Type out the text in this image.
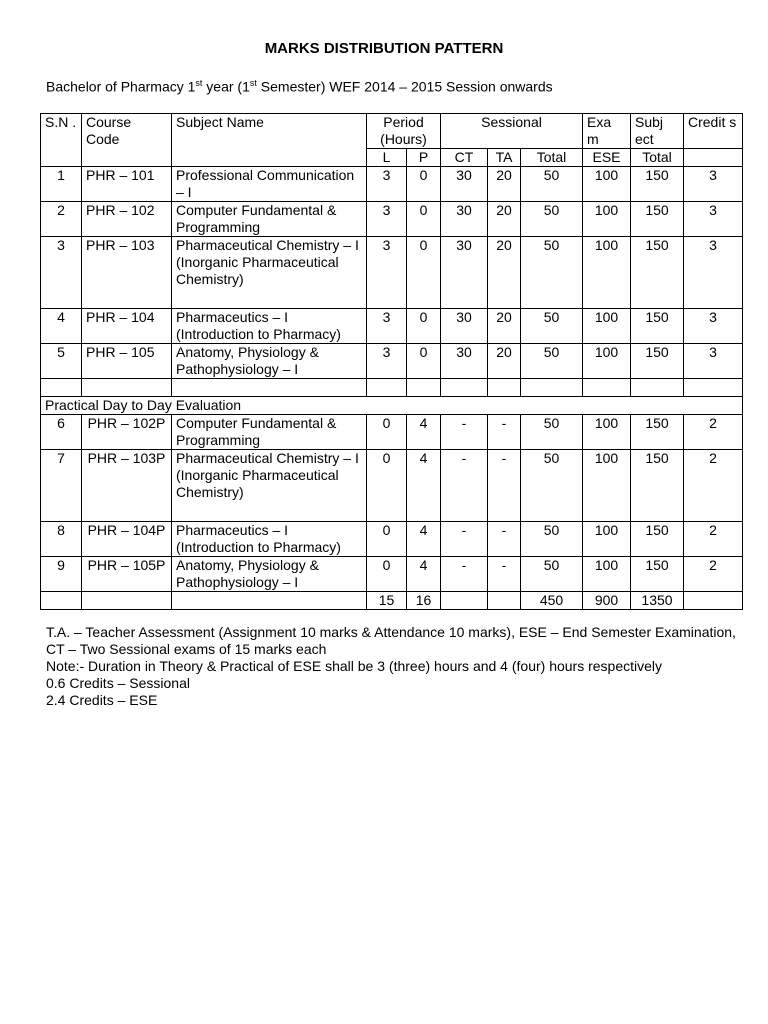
MARKS DISTRIBUTION PATTERN
Bachelor of Pharmacy 1st year (1st Semester) WEF 2014 – 2015 Session onwards
S.N .	Course Code	Subject Name	Period (Hours)		Sessional			Exa m	Subj ect	Credit s
			L	P	CT	TA	Total	ESE	Total	
1	PHR – 101	Professional Communication – I	3	0	30	20	50	100	150	3
2	PHR – 102	Computer Fundamental & Programming	3	0	30	20	50	100	150	3
3	PHR – 103	Pharmaceutical Chemistry – I (Inorganic Pharmaceutical Chemistry)	3	0	30	20	50	100	150	3
4	PHR – 104	Pharmaceutics – I (Introduction to Pharmacy)	3	0	30	20	50	100	150	3
5	PHR – 105	Anatomy, Physiology & Pathophysiology – I	3	0	30	20	50	100	150	3

Practical Day to Day Evaluation										
6	PHR – 102P	Computer Fundamental & Programming	0	4	-	-	50	100	150	2
7	PHR – 103P	Pharmaceutical Chemistry – I (Inorganic Pharmaceutical Chemistry)	0	4	-	-	50	100	150	2
8	PHR – 104P	Pharmaceutics – I (Introduction to Pharmacy)	0	4	-	-	50	100	150	2
9	PHR – 105P	Anatomy, Physiology & Pathophysiology – I	0	4	-	-	50	100	150	2
			15	16			450	900	1350	
T.A. – Teacher Assessment (Assignment 10 marks & Attendance 10 marks), ESE – End Semester Examination, CT – Two Sessional exams of 15 marks each
Note:- Duration in Theory & Practical of ESE shall be 3 (three) hours and 4 (four) hours respectively
0.6 Credits – Sessional
2.4 Credits – ESE
